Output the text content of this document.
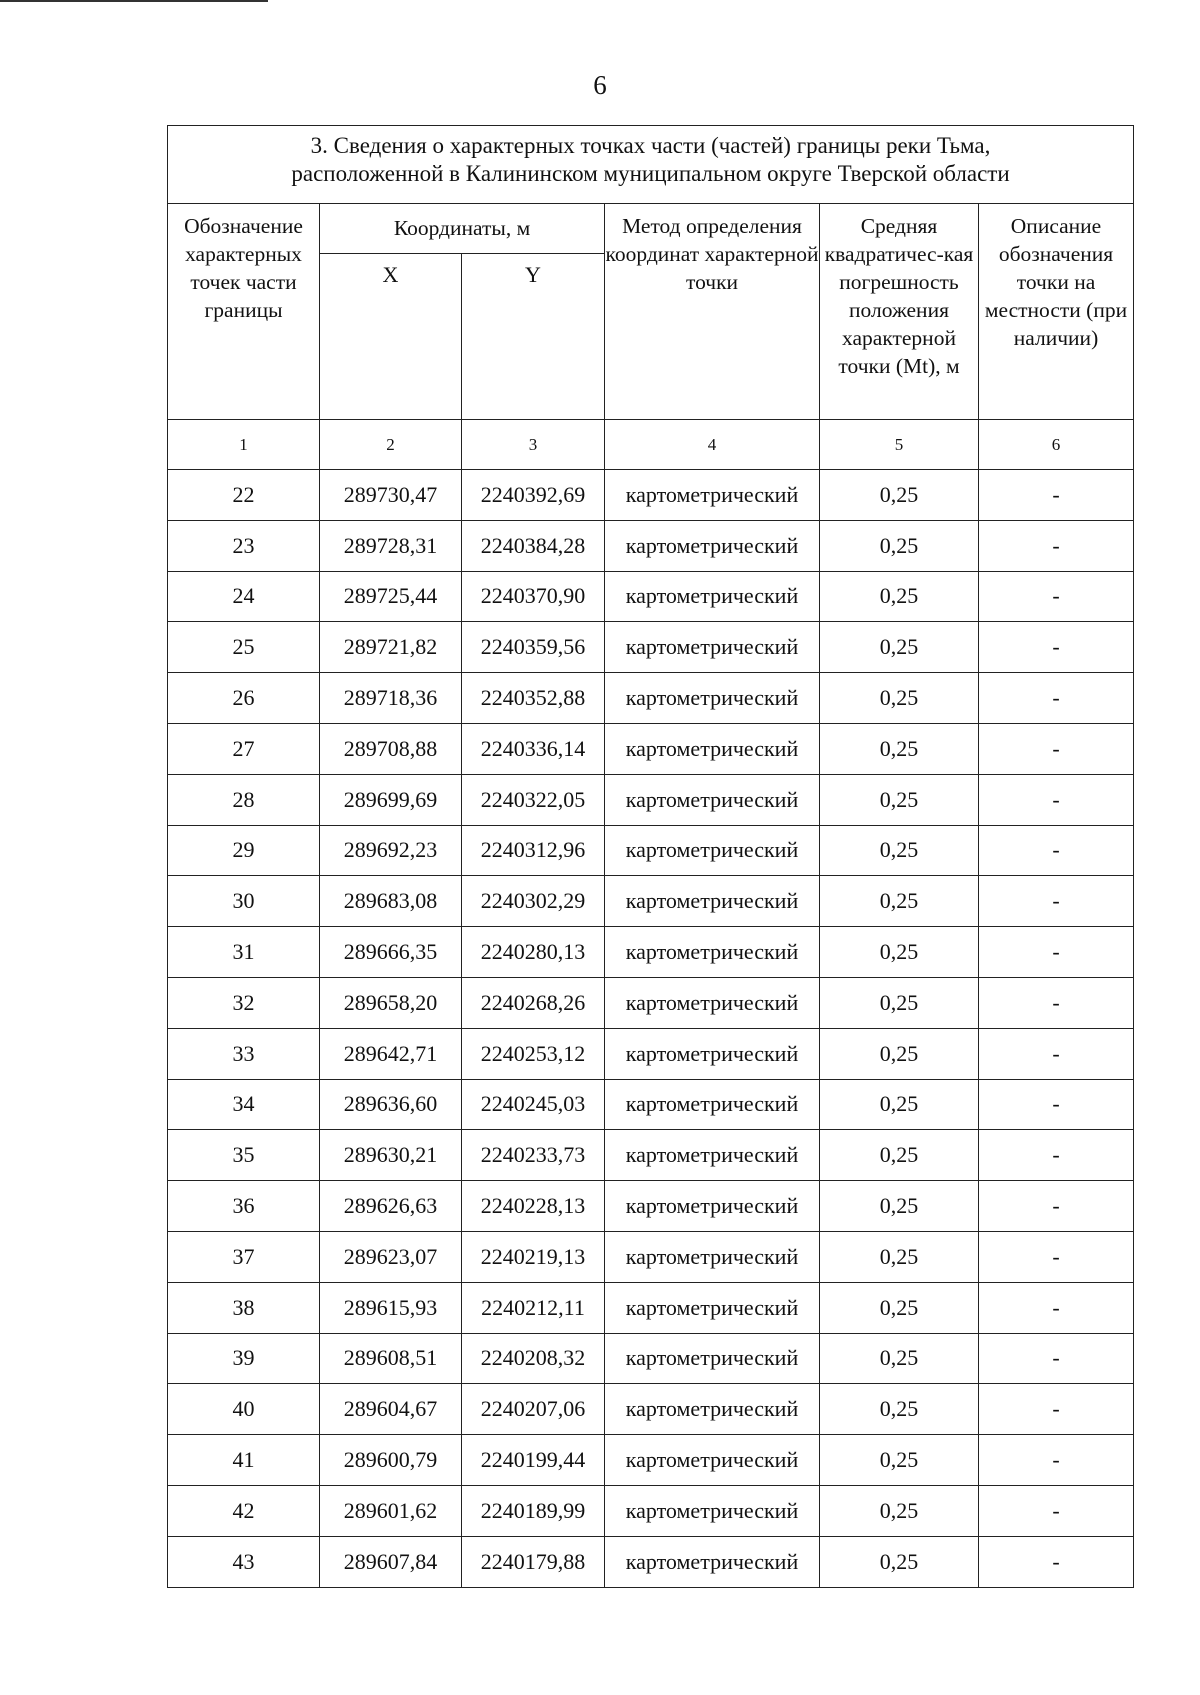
6
3. Сведения о характерных точках части (частей) границы реки Тьма,
расположенной в Калининском муниципальном округе Тверской области					

Обозначение характерных точек части границы	Координаты, м		Метод определения координат характерной точки	Средняя квадратичес-кая погрешность положения характерной точки (Mt), м	Описание обозначения точки на местности (при наличии)
	X	Y			
1	2	3	4	5	6
22	289730,47	2240392,69	картометрический	0,25	-
23	289728,31	2240384,28	картометрический	0,25	-
24	289725,44	2240370,90	картометрический	0,25	-
25	289721,82	2240359,56	картометрический	0,25	-
26	289718,36	2240352,88	картометрический	0,25	-
27	289708,88	2240336,14	картометрический	0,25	-
28	289699,69	2240322,05	картометрический	0,25	-
29	289692,23	2240312,96	картометрический	0,25	-
30	289683,08	2240302,29	картометрический	0,25	-
31	289666,35	2240280,13	картометрический	0,25	-
32	289658,20	2240268,26	картометрический	0,25	-
33	289642,71	2240253,12	картометрический	0,25	-
34	289636,60	2240245,03	картометрический	0,25	-
35	289630,21	2240233,73	картометрический	0,25	-
36	289626,63	2240228,13	картометрический	0,25	-
37	289623,07	2240219,13	картометрический	0,25	-
38	289615,93	2240212,11	картометрический	0,25	-
39	289608,51	2240208,32	картометрический	0,25	-
40	289604,67	2240207,06	картометрический	0,25	-
41	289600,79	2240199,44	картометрический	0,25	-
42	289601,62	2240189,99	картометрический	0,25	-
43	289607,84	2240179,88	картометрический	0,25	-
